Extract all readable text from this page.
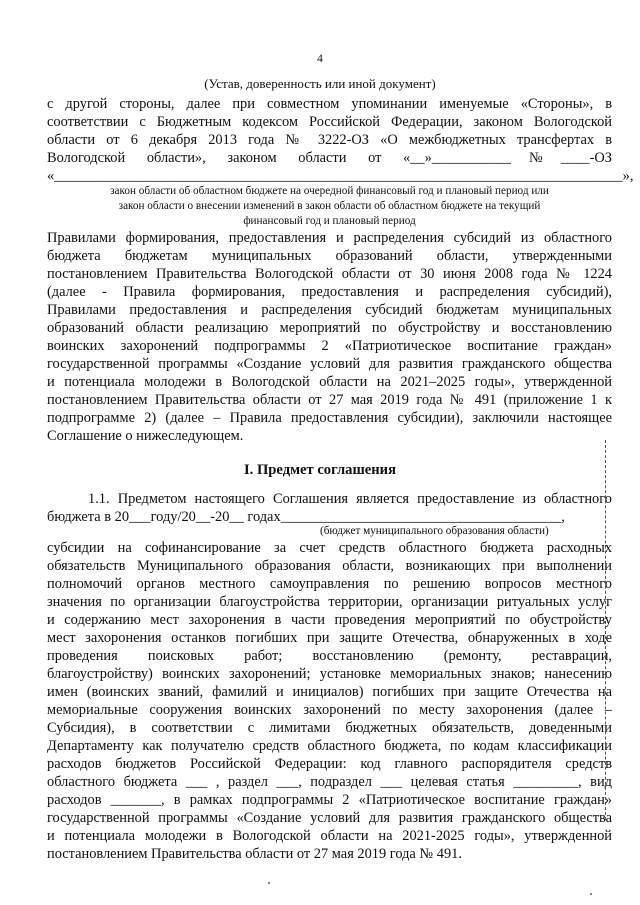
4
(Устав, доверенность или иной документ)
с другой стороны, далее при совместном упоминании именуемые «Стороны», в
соответствии с Бюджетным кодексом Российской Федерации, законом Вологодской
области от 6 декабря 2013 года № 3222-ОЗ «О межбюджетных трансфертах в
Вологодской области», законом области от «__»___________№____-ОЗ
«_______________________________________________________________________________»,
закон области об областном бюджете на очередной финансовый год и плановый период или
закон области о внесении изменений в закон области об областном бюджете на текущий
финансовый год и плановый период
Правилами формирования, предоставления и распределения субсидий из областного
бюджета бюджетам муниципальных образований области, утвержденными
постановлением Правительства Вологодской области от 30 июня 2008 года № 1224
(далее - Правила формирования, предоставления и распределения субсидий),
Правилами предоставления и распределения субсидий бюджетам муниципальных
образований области реализацию мероприятий по обустройству и восстановлению
воинских захоронений подпрограммы 2 «Патриотическое воспитание граждан»
государственной программы «Создание условий для развития гражданского общества
и потенциала молодежи в Вологодской области на 2021–2025 годы», утвержденной
постановлением Правительства области от 27 мая 2019 года № 491 (приложение 1 к
подпрограмме 2) (далее – Правила предоставления субсидии), заключили настоящее
Соглашение о нижеследующем.
I. Предмет соглашения
1.1. Предметом настоящего Соглашения является предоставление из областного
бюджета в 20___году/20__-20__ годах_______________________________________,
(бюджет муниципального образования области)
субсидии на софинансирование за счет средств областного бюджета расходных
обязательств Муниципального образования области, возникающих при выполнении
полномочий органов местного самоуправления по решению вопросов местного
значения по организации благоустройства территории, организации ритуальных услуг
и содержанию мест захоронения в части проведения мероприятий по обустройству
мест захоронения останков погибших при защите Отечества, обнаруженных в ходе
проведения поисковых работ; восстановлению (ремонту, реставрации,
благоустройству) воинских захоронений; установке мемориальных знаков; нанесению
имен (воинских званий, фамилий и инициалов) погибших при защите Отечества на
мемориальные сооружения воинских захоронений по месту захоронения (далее –
Субсидия), в соответствии с лимитами бюджетных обязательств, доведенными
Департаменту как получателю средств областного бюджета, по кодам классификации
расходов бюджетов Российской Федерации: код главного распорядителя средств
областного бюджета ___ , раздел ___, подраздел ___ целевая статья _________, вид
расходов _______, в рамках подпрограммы 2 «Патриотическое воспитание граждан»
государственной программы «Создание условий для развития гражданского общества
и потенциала молодежи в Вологодской области на 2021-2025 годы», утвержденной
постановлением Правительства области от 27 мая 2019 года № 491.
